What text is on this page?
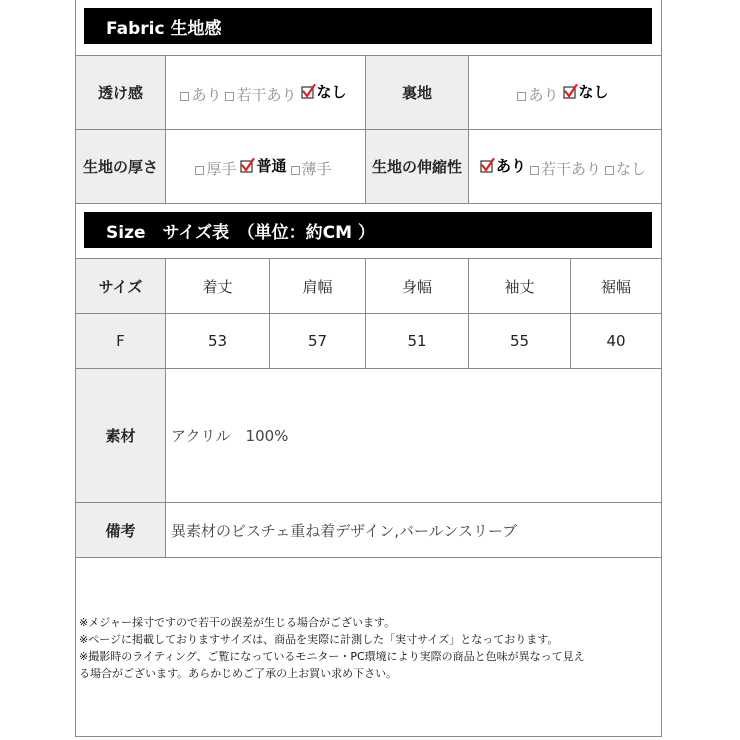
Fabric 生地感
透け感	あり 若干あり なし	裏地	あり なし
生地の厚さ	厚手 普通 薄手	生地の伸縮性	あり 若干あり なし
Size　サイズ表　（単位：約CM ）
サイズ	着丈	肩幅	身幅	袖丈	裾幅
F	53	57	51	55	40
素材	アクリル　100%
備考	異素材のビスチェ重ね着デザイン,バールンスリーブ
※メジャー採寸ですので若干の誤差が生じる場合がございます。
※ページに掲載しておりますサイズは、商品を実際に計測した「実寸サイズ」となっております。
※撮影時のライティング、ご覧になっているモニター・PC環境により実際の商品と色味が異なって見え
る場合がございます。あらかじめご了承の上お買い求め下さい。
